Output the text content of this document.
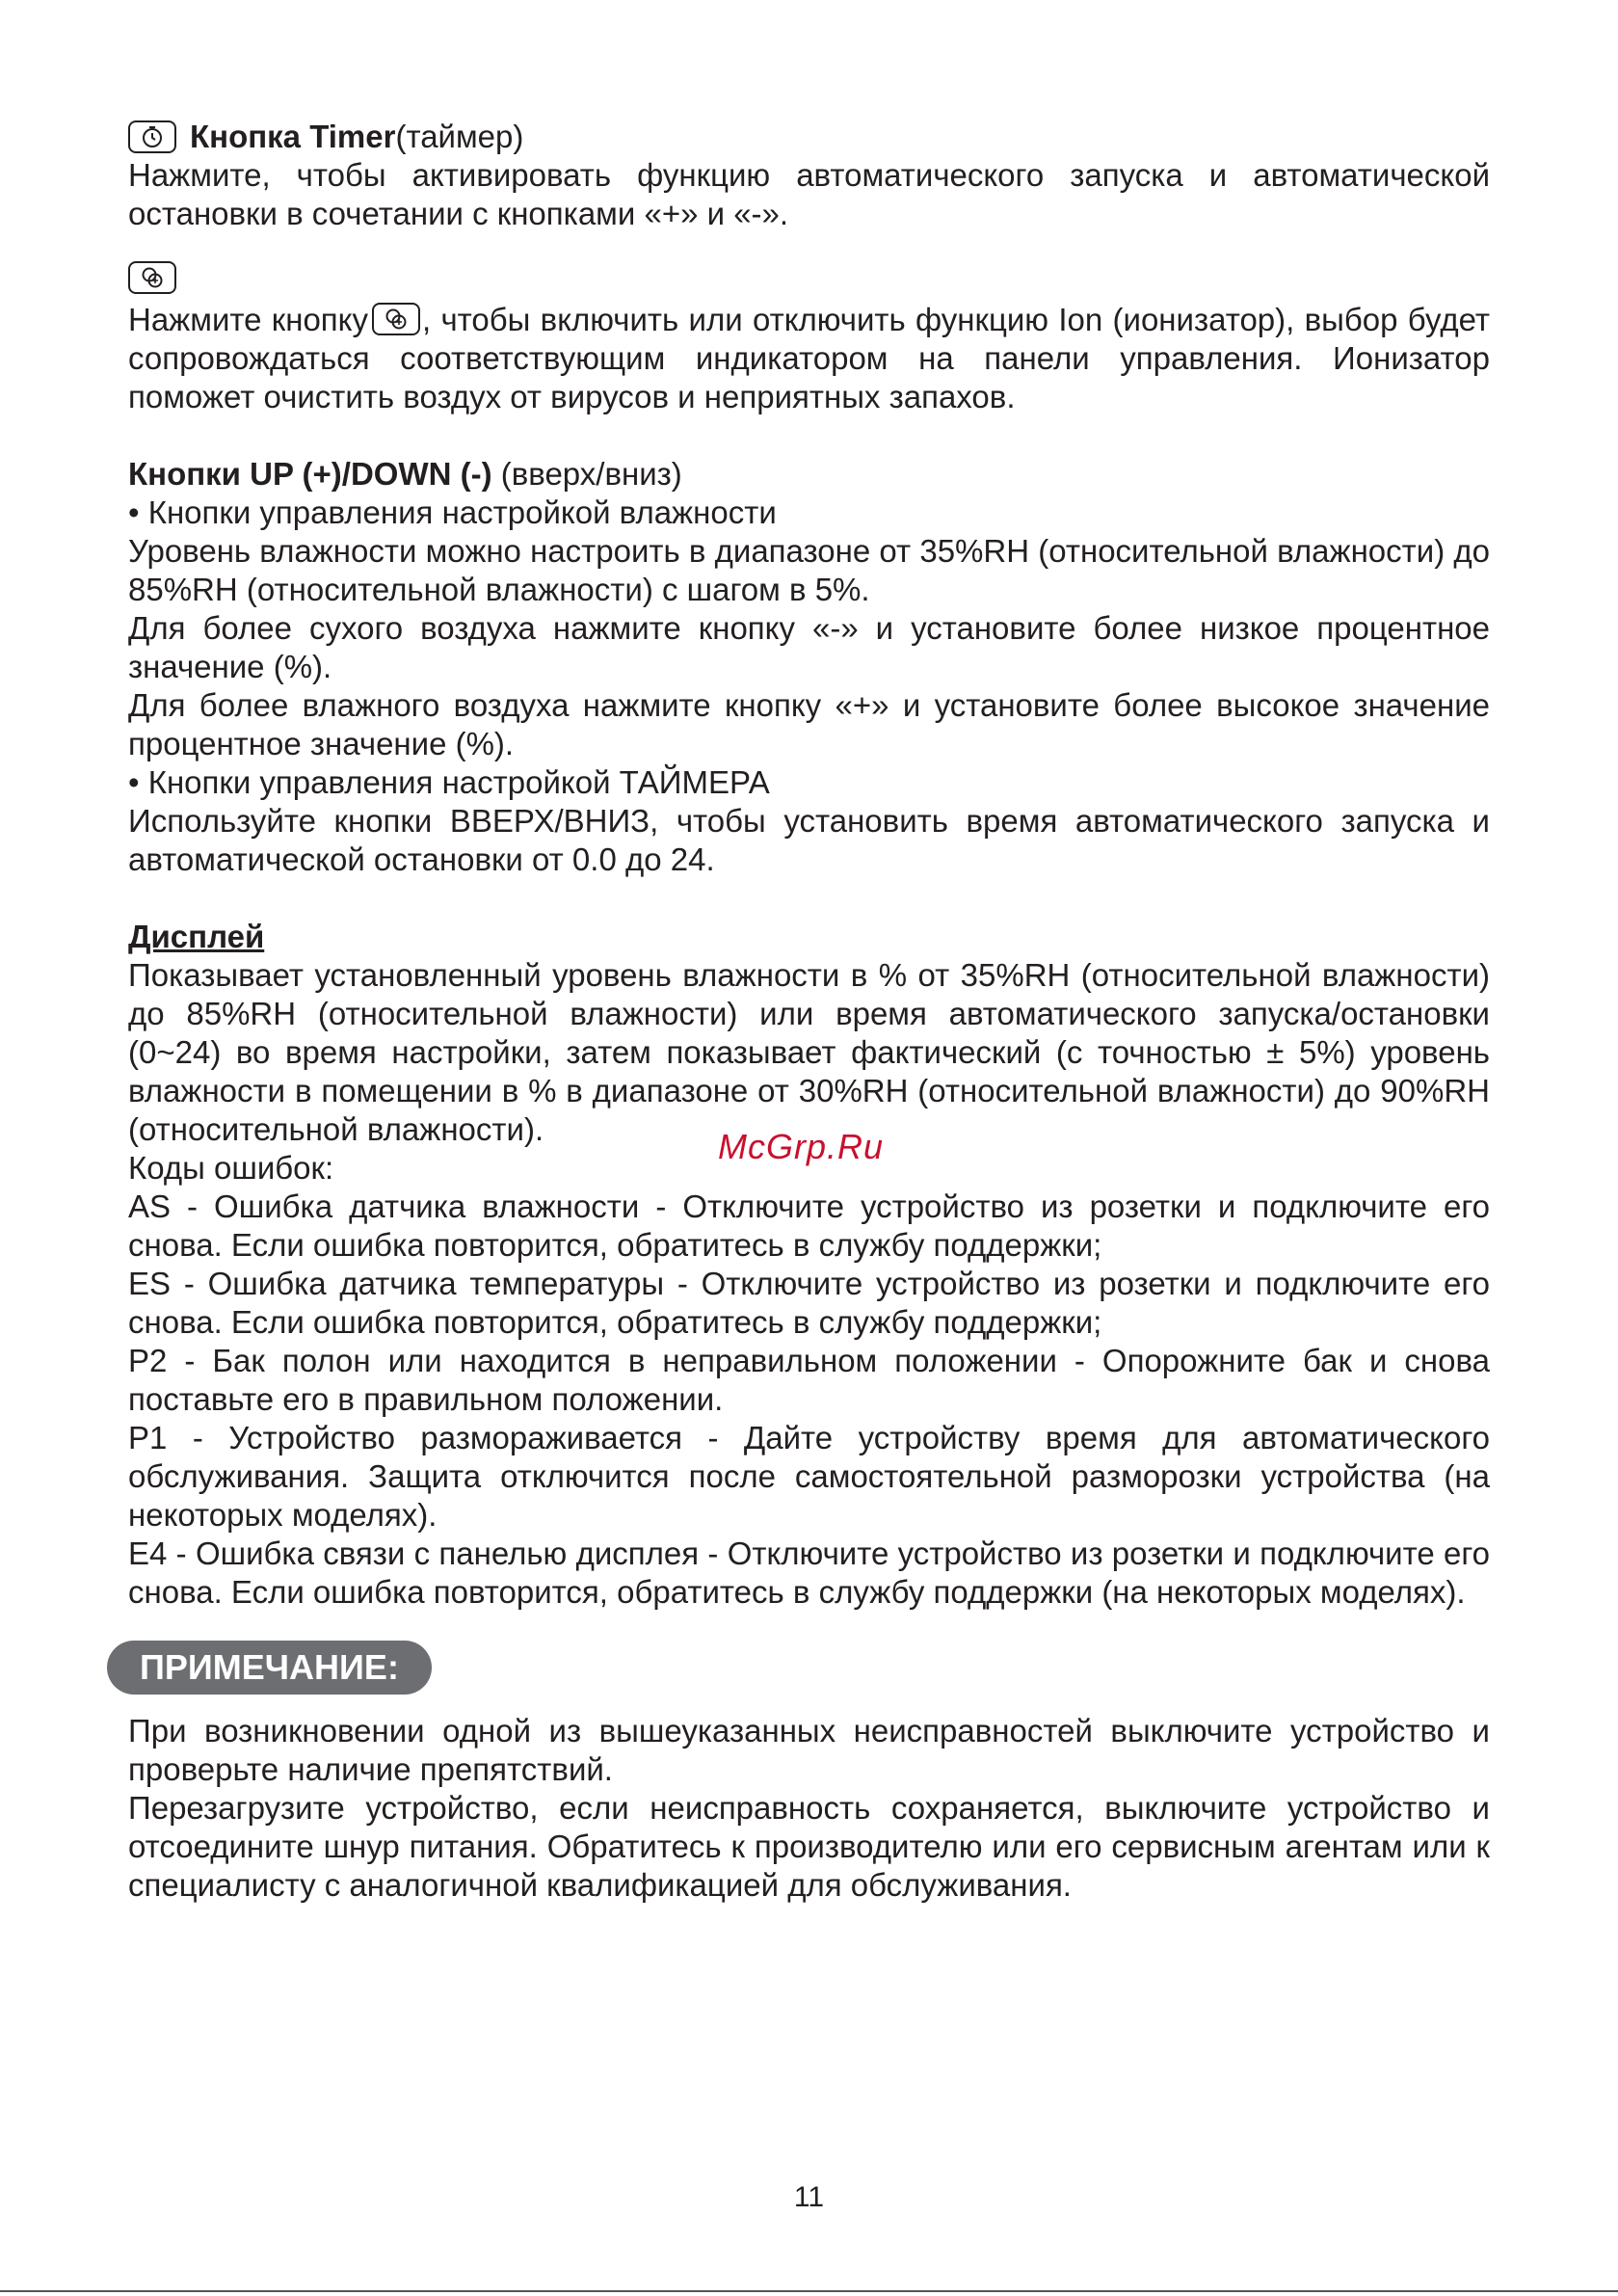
Кнопка Timer (таймер)

Нажмите, чтобы активировать функцию автоматического запуска и автоматической остановки в сочетании с кнопками «+» и «-».

Нажмите кнопку , чтобы включить или отключить функцию Ion (ионизатор), выбор будет сопровождаться соответствующим индикатором на панели управления. Ионизатор поможет очистить воздух от вирусов и неприятных запахов.

Кнопки UP (+)/DOWN (-) (вверх/вниз)

• Кнопки управления настройкой влажности

Уровень влажности можно настроить в диапазоне от 35%RH (относительной влажности) до 85%RH (относительной влажности) с шагом в 5%.

Для более сухого воздуха нажмите кнопку «-» и установите более низкое процентное значение (%).

Для более влажного воздуха нажмите кнопку «+» и установите более высокое значение процентное значение (%).

• Кнопки управления настройкой ТАЙМЕРА

Используйте кнопки ВВЕРХ/ВНИЗ, чтобы установить время автоматического запуска и автоматической остановки от 0.0 до 24.

Дисплей

Показывает установленный уровень влажности в % от 35%RH (относительной влажности) до 85%RH (относительной влажности) или время автоматического запуска/остановки (0~24) во время настройки, затем показывает фактический (с точностью ± 5%) уровень влажности в помещении в % в диапазоне от 30%RH (относительной влажности) до 90%RH (относительной влажности).

Коды ошибок:

AS - Ошибка датчика влажности - Отключите устройство из розетки и подключите его снова. Если ошибка повторится, обратитесь в службу поддержки;

ES - Ошибка датчика температуры - Отключите устройство из розетки и подключите его снова. Если ошибка повторится, обратитесь в службу поддержки;

P2 - Бак полон или находится в неправильном положении - Опорожните бак и снова поставьте его в правильном положении.

P1 - Устройство размораживается - Дайте устройству время для автоматического обслуживания. Защита отключится после самостоятельной разморозки устройства (на некоторых моделях).

E4 - Ошибка связи с панелью дисплея - Отключите устройство из розетки и подключите его снова. Если ошибка повторится, обратитесь в службу поддержки (на некоторых моделях).

ПРИМЕЧАНИЕ:

При возникновении одной из вышеуказанных неисправностей выключите устройство и проверьте наличие препятствий.

Перезагрузите устройство, если неисправность сохраняется, выключите устройство и отсоедините шнур питания. Обратитесь к производителю или его сервисным агентам или к специалисту с аналогичной квалификацией для обслуживания.

McGrp.Ru
11
